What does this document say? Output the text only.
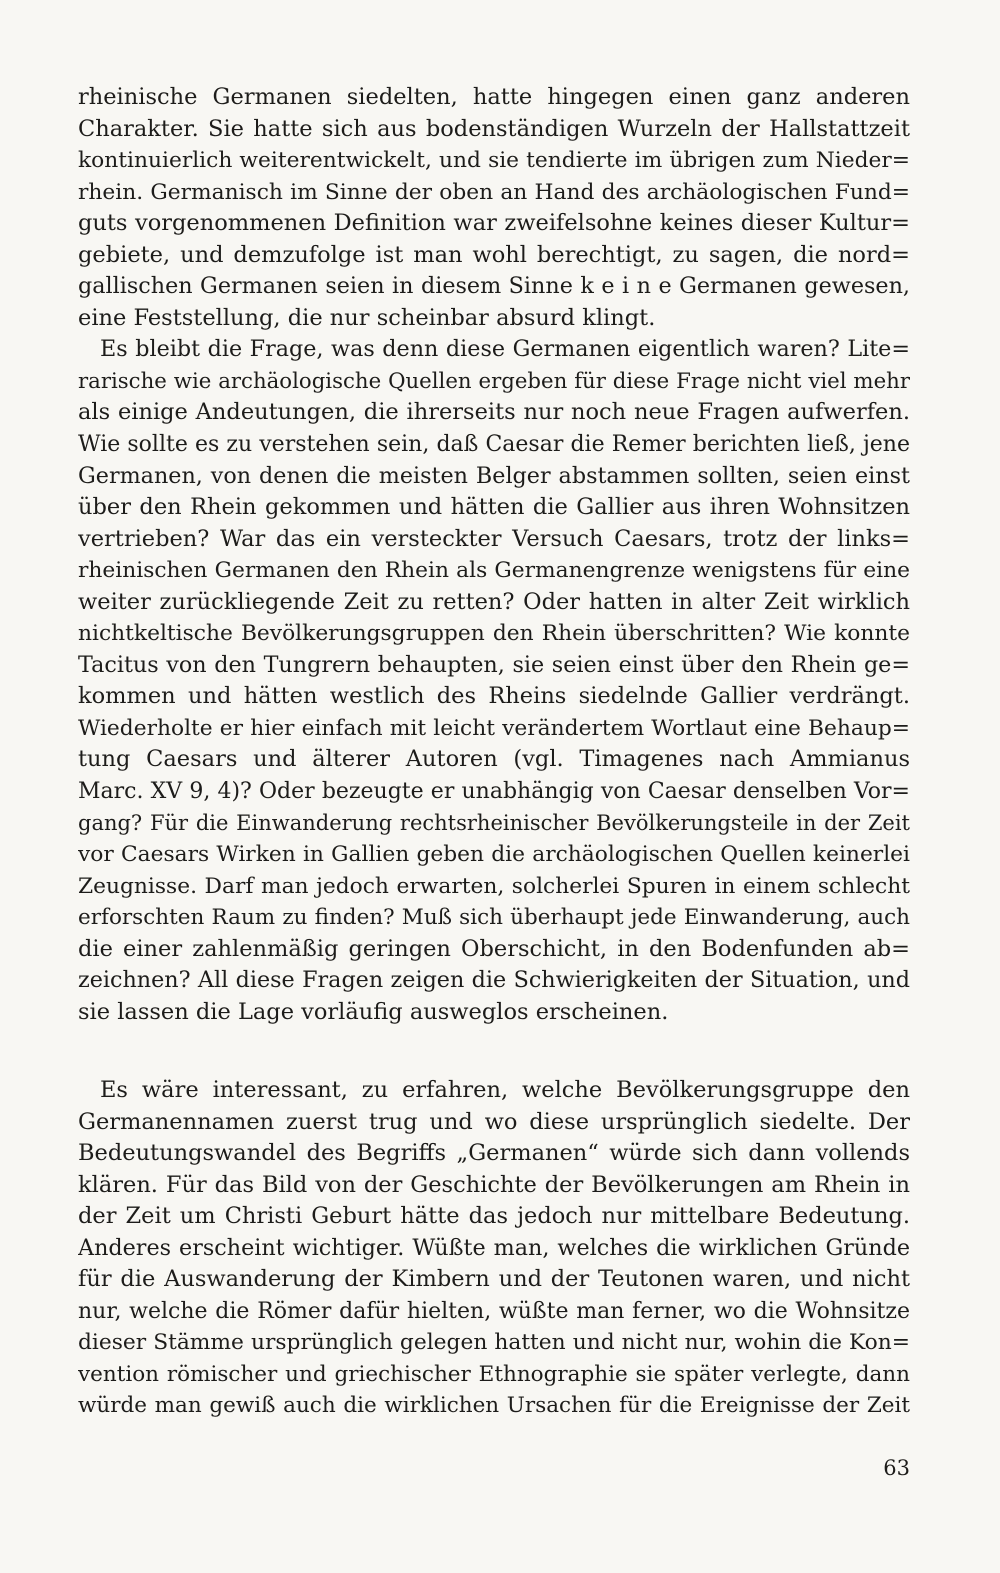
rheinische Germanen siedelten, hatte hingegen einen ganz anderen
Charakter. Sie hatte sich aus bodenständigen Wurzeln der Hallstattzeit
kontinuierlich weiterentwickelt, und sie tendierte im übrigen zum Nieder=
rhein. Germanisch im Sinne der oben an Hand des archäologischen Fund=
guts vorgenommenen Definition war zweifelsohne keines dieser Kultur=
gebiete, und demzufolge ist man wohl berechtigt, zu sagen, die nord=
gallischen Germanen seien in diesem Sinne k e i n e Germanen gewesen,
eine Feststellung, die nur scheinbar absurd klingt.
Es bleibt die Frage, was denn diese Germanen eigentlich waren? Lite=
rarische wie archäologische Quellen ergeben für diese Frage nicht viel mehr
als einige Andeutungen, die ihrerseits nur noch neue Fragen aufwerfen.
Wie sollte es zu verstehen sein, daß Caesar die Remer berichten ließ, jene
Germanen, von denen die meisten Belger abstammen sollten, seien einst
über den Rhein gekommen und hätten die Gallier aus ihren Wohnsitzen
vertrieben? War das ein versteckter Versuch Caesars, trotz der links=
rheinischen Germanen den Rhein als Germanengrenze wenigstens für eine
weiter zurückliegende Zeit zu retten? Oder hatten in alter Zeit wirklich
nichtkeltische Bevölkerungsgruppen den Rhein überschritten? Wie konnte
Tacitus von den Tungrern behaupten, sie seien einst über den Rhein ge=
kommen und hätten westlich des Rheins siedelnde Gallier verdrängt.
Wiederholte er hier einfach mit leicht verändertem Wortlaut eine Behaup=
tung Caesars und älterer Autoren (vgl. Timagenes nach Ammianus
Marc. XV 9, 4)? Oder bezeugte er unabhängig von Caesar denselben Vor=
gang? Für die Einwanderung rechtsrheinischer Bevölkerungsteile in der Zeit
vor Caesars Wirken in Gallien geben die archäologischen Quellen keinerlei
Zeugnisse. Darf man jedoch erwarten, solcherlei Spuren in einem schlecht
erforschten Raum zu finden? Muß sich überhaupt jede Einwanderung, auch
die einer zahlenmäßig geringen Oberschicht, in den Bodenfunden ab=
zeichnen? All diese Fragen zeigen die Schwierigkeiten der Situation, und
sie lassen die Lage vorläufig ausweglos erscheinen.
Es wäre interessant, zu erfahren, welche Bevölkerungsgruppe den
Germanennamen zuerst trug und wo diese ursprünglich siedelte. Der
Bedeutungswandel des Begriffs „Germanen“ würde sich dann vollends
klären. Für das Bild von der Geschichte der Bevölkerungen am Rhein in
der Zeit um Christi Geburt hätte das jedoch nur mittelbare Bedeutung.
Anderes erscheint wichtiger. Wüßte man, welches die wirklichen Gründe
für die Auswanderung der Kimbern und der Teutonen waren, und nicht
nur, welche die Römer dafür hielten, wüßte man ferner, wo die Wohnsitze
dieser Stämme ursprünglich gelegen hatten und nicht nur, wohin die Kon=
vention römischer und griechischer Ethnographie sie später verlegte, dann
würde man gewiß auch die wirklichen Ursachen für die Ereignisse der Zeit
63
